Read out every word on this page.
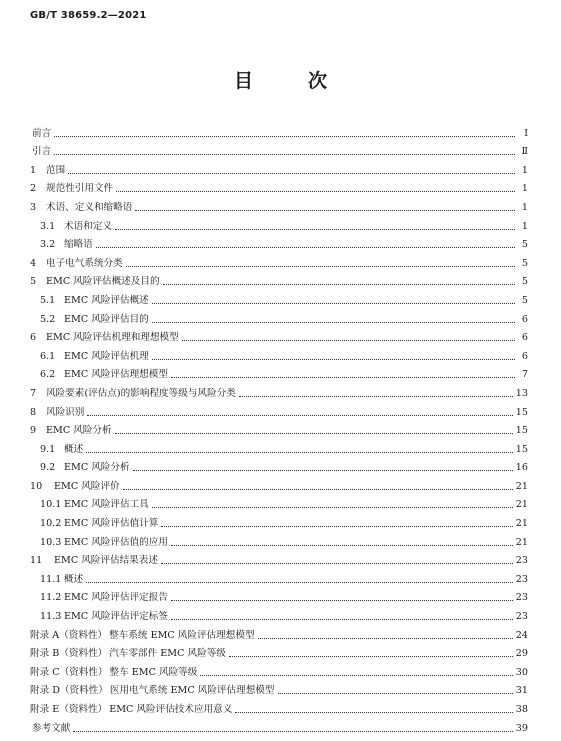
GB/T 38659.2—2021
目　次
前言	Ⅰ
引言	Ⅱ
1	范围	1
2	规范性引用文件	1
3	术语、定义和缩略语	1
3.1 术语和定义	1
3.2 缩略语	5
4	电子电气系统分类	5
5	EMC 风险评估概述及目的	5
5.1 EMC 风险评估概述	5
5.2 EMC 风险评估目的	6
6	EMC 风险评估机理和理想模型	6
6.1 EMC 风险评估机理	6
6.2 EMC 风险评估理想模型	7
7	风险要素(评估点)的影响程度等级与风险分类	13
8	风险识别	15
9	EMC 风险分析	15
9.1 概述	15
9.2 EMC 风险分析	16
10	EMC 风险评价	21
10.1 EMC 风险评估工具	21
10.2 EMC 风险评估值计算	21
10.3 EMC 风险评估值的应用	21
11	EMC 风险评估结果表述	23
11.1 概述	23
11.2 EMC 风险评估评定报告	23
11.3 EMC 风险评估评定标签	23
附录 A（资料性） 整车系统 EMC 风险评估理想模型	24
附录 B（资料性） 汽车零部件 EMC 风险等级	29
附录 C（资料性） 整车 EMC 风险等级	30
附录 D（资料性） 医用电气系统 EMC 风险评估理想模型	31
附录 E（资料性） EMC 风险评估技术应用意义	38
参考文献	39
